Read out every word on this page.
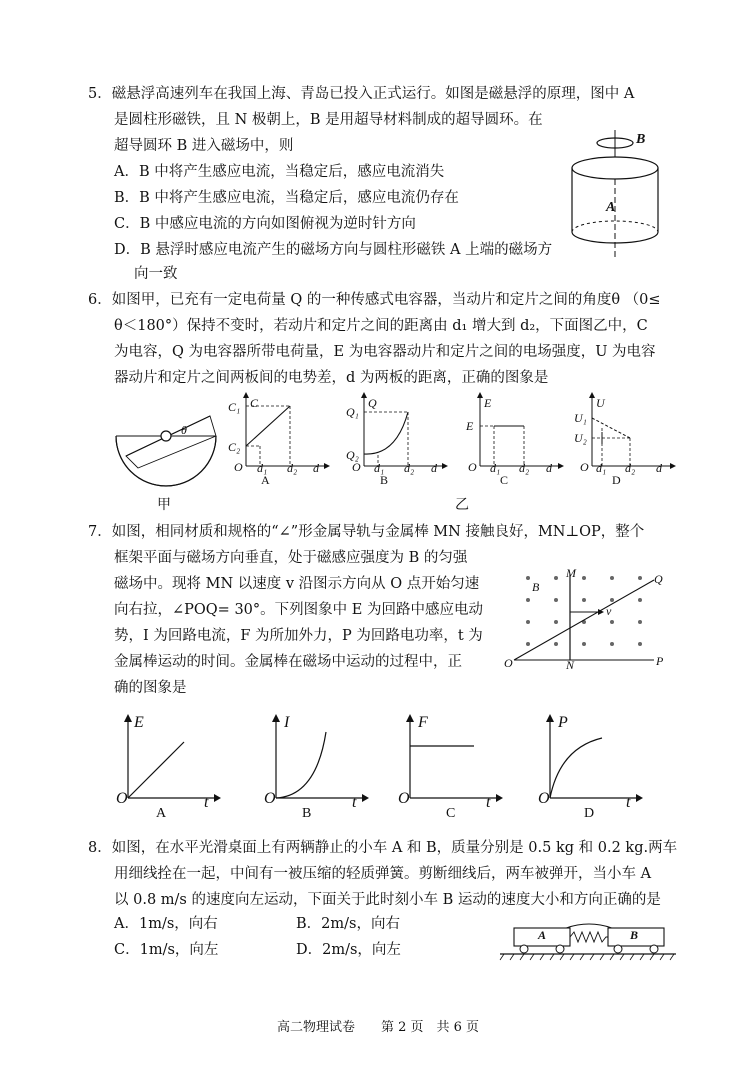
5．磁悬浮高速列车在我国上海、青岛已投入正式运行。如图是磁悬浮的原理，图中 A
是圆柱形磁铁，且 N 极朝上，B 是用超导材料制成的超导圆环。在
超导圆环 B 进入磁场中，则
A．B 中将产生感应电流，当稳定后，感应电流消失
B．B 中将产生感应电流，当稳定后，感应电流仍存在
C．B 中感应电流的方向如图俯视为逆时针方向
D．B 悬浮时感应电流产生的磁场方向与圆柱形磁铁 A 上端的磁场方
向一致
B
A
6．如图甲，已充有一定电荷量 Q 的一种传感式电容器，当动片和定片之间的角度θ （0≤
θ＜180°）保持不变时，若动片和定片之间的距离由 d₁ 增大到 d₂，下面图乙中，C
为电容，Q 为电容器所带电荷量，E 为电容器动片和定片之间的电场强度，U 为电容
器动片和定片之间两板间的电势差，d 为两板的距离，正确的图象是
θ
甲	乙
C
C₁
C₂
O d₁ d₂ d
A
Q
Q₁
Q₂
O d₁ d₂ d
B
E
E
O d₁ d₂ d
C
U
U₁
U₂
O d₁ d₂ d
D
7．如图，相同材质和规格的“∠”形金属导轨与金属棒 MN 接触良好，MN⊥OP，整个
框架平面与磁场方向垂直，处于磁感应强度为 B 的匀强
磁场中。现将 MN 以速度 v 沿图示方向从 O 点开始匀速
向右拉，∠POQ= 30°。下列图象中 E 为回路中感应电动
势，I 为回路电流，F 为所加外力，P 为回路电功率，t 为
金属棒运动的时间。金属棒在磁场中运动的过程中，正
确的图象是
M
N
O	P
Q
B
v
E
O	t
A
I
O	t
B
F
O	t
C
P
O	t
D
8．如图，在水平光滑桌面上有两辆静止的小车 A 和 B，质量分别是 0.5 kg 和 0.2 kg.两车
用细线拴在一起，中间有一被压缩的轻质弹簧。剪断细线后，两车被弹开，当小车 A
以 0.8 m/s 的速度向左运动，下面关于此时刻小车 B 运动的速度大小和方向正确的是
A．1m/s，向右	B．2m/s，向右
C．1m/s，向左	D．2m/s，向左
A	B
高二物理试卷　　第 2 页　共 6 页
